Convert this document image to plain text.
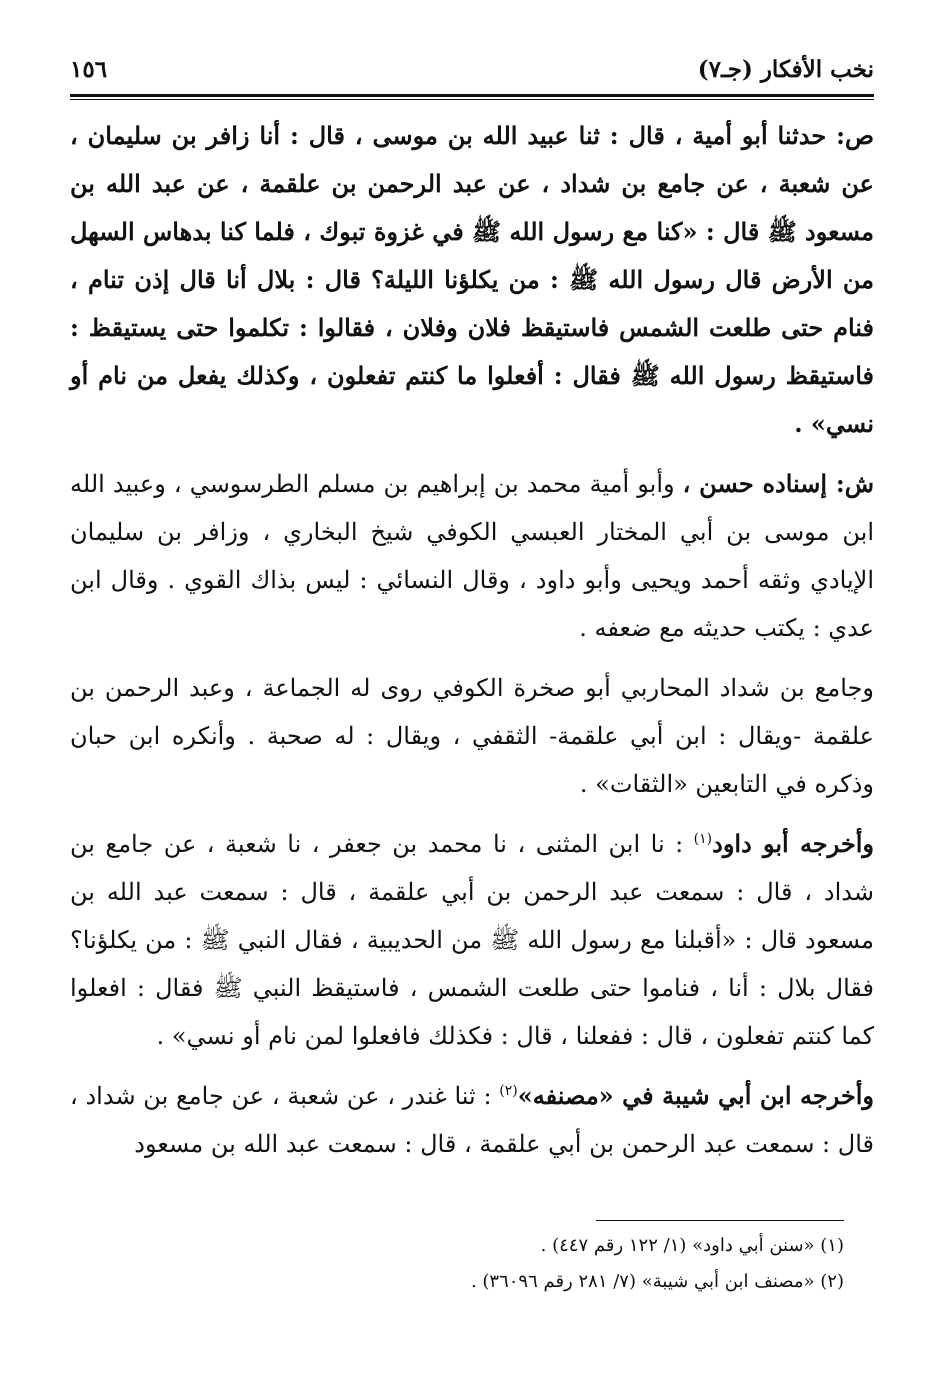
نخب الأفكار (جـ٧)
١٥٦

ص: حدثنا أبو أمية ، قال : ثنا عبيد الله بن موسى ، قال : أنا زافر بن سليمان ، عن شعبة ، عن جامع بن شداد ، عن عبد الرحمن بن علقمة ، عن عبد الله بن مسعود ﷺ قال : «كنا مع رسول الله ﷺ في غزوة تبوك ، فلما كنا بدهاس السهل من الأرض قال رسول الله ﷺ : من يكلؤنا الليلة؟ قال : بلال أنا قال إذن تنام ، فنام حتى طلعت الشمس فاستيقظ فلان وفلان ، فقالوا : تكلموا حتى يستيقظ : فاستيقظ رسول الله ﷺ فقال : أفعلوا ما كنتم تفعلون ، وكذلك يفعل من نام أو نسي» .

ش: إسناده حسن ، وأبو أمية محمد بن إبراهيم بن مسلم الطرسوسي ، وعبيد الله ابن موسى بن أبي المختار العبسي الكوفي شيخ البخاري ، وزافر بن سليمان الإيادي وثقه أحمد ويحيى وأبو داود ، وقال النسائي : ليس بذاك القوي . وقال ابن عدي : يكتب حديثه مع ضعفه .

وجامع بن شداد المحاربي أبو صخرة الكوفي روى له الجماعة ، وعبد الرحمن بن علقمة -ويقال : ابن أبي علقمة- الثقفي ، ويقال : له صحبة . وأنكره ابن حبان وذكره في التابعين «الثقات» .

وأخرجه أبو داود$^{(١)}$ : نا ابن المثنى ، نا محمد بن جعفر ، نا شعبة ، عن جامع بن شداد ، قال : سمعت عبد الرحمن بن أبي علقمة ، قال : سمعت عبد الله بن مسعود قال : «أقبلنا مع رسول الله ﷺ من الحديبية ، فقال النبي ﷺ : من يكلؤنا؟ فقال بلال : أنا ، فناموا حتى طلعت الشمس ، فاستيقظ النبي ﷺ فقال : افعلوا كما كنتم تفعلون ، قال : ففعلنا ، قال : فكذلك فافعلوا لمن نام أو نسي» .

وأخرجه ابن أبي شيبة في «مصنفه»$^{(٢)}$ : ثنا غندر ، عن شعبة ، عن جامع بن شداد ، قال : سمعت عبد الرحمن بن أبي علقمة ، قال : سمعت عبد الله بن مسعود

(١) «سنن أبي داود» (١/ ١٢٢ رقم ٤٤٧) .

(٢) «مصنف ابن أبي شيبة» (٧/ ٢٨١ رقم ٣٦٠٩٦) .
